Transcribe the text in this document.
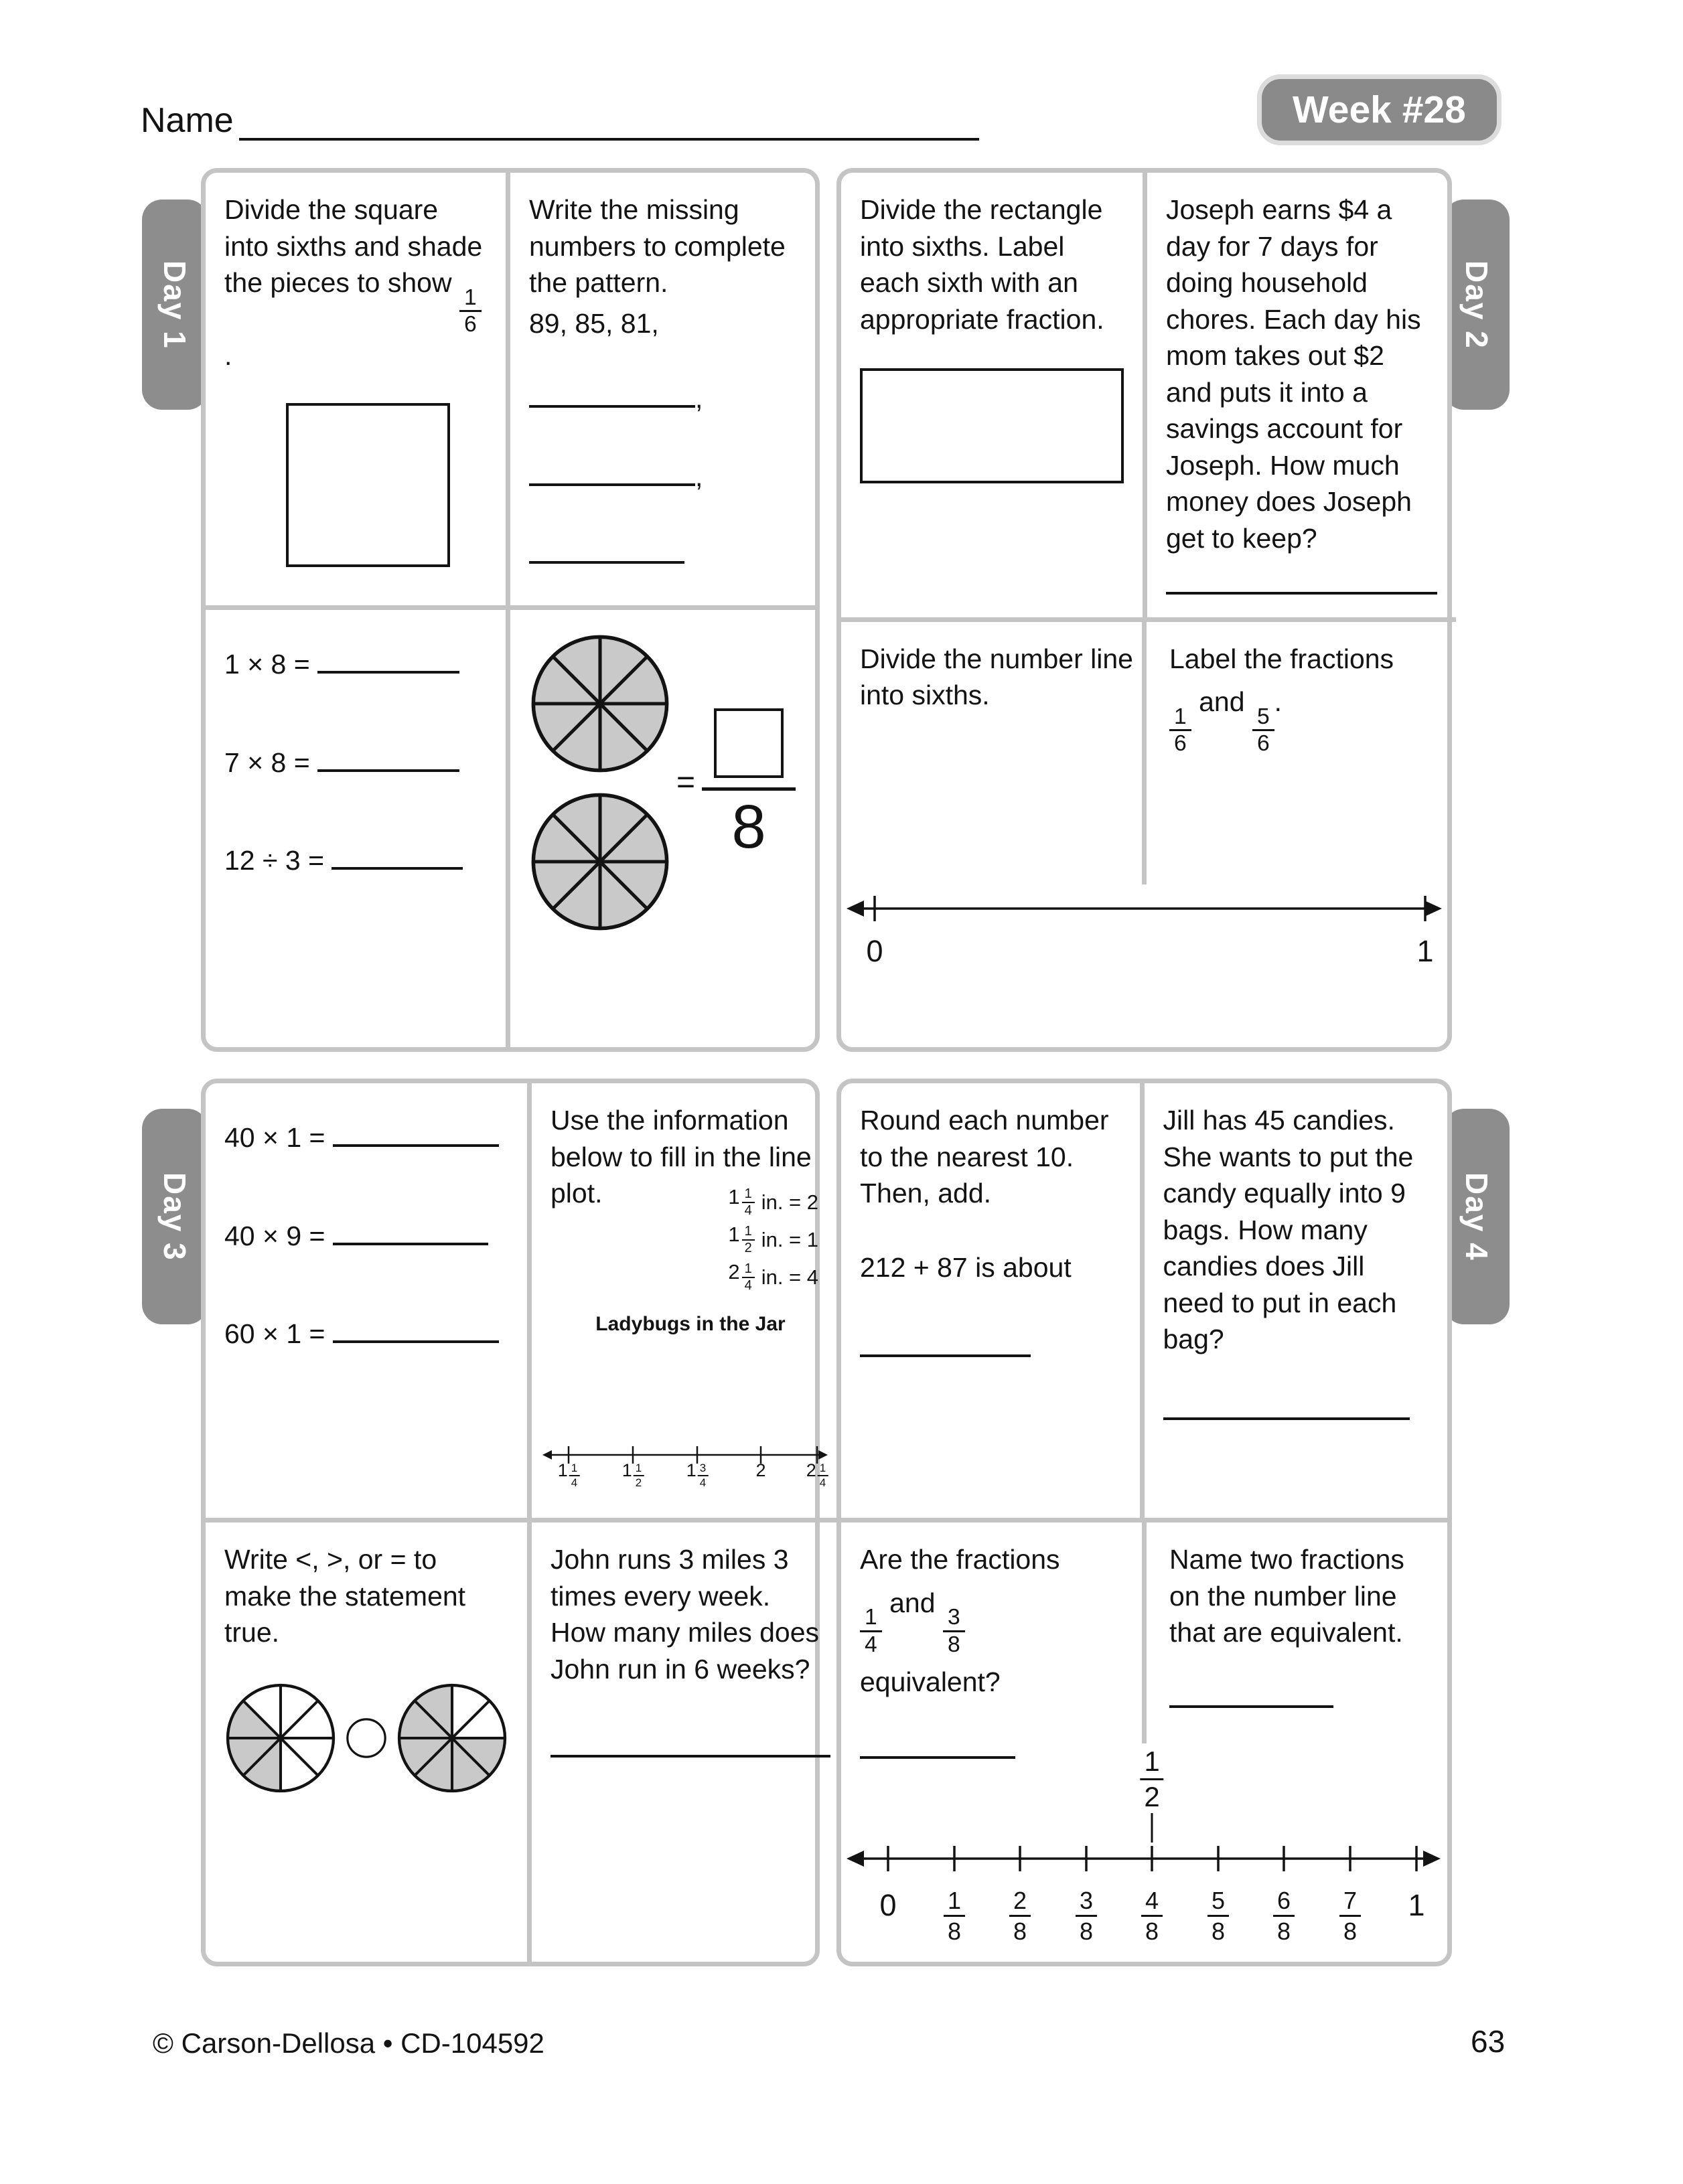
Name	Week #28
Day 1	Day 2
Day 3	Day 4

Divide the square into sixths and shade the pieces to show
$\frac{1}{6}$
.

Write the missing numbers to complete the pattern.

89, 85, 81,

,
,

1 × 8 =

7 × 8 =

12 ÷ 3 =

=
8

Divide the rectangle into sixths. Label each sixth with an appropriate fraction.

Joseph earns $4 a day for 7 days for doing household chores. Each day his mom takes out $2 and puts it into a savings account for Joseph. How much money does Joseph get to keep?

Divide the number line into sixths.

Label the fractions

$\frac{1}{6}$
and
$\frac{5}{6}$
.

0	1

40 × 1 =

40 × 9 =

60 × 1 =

Use the information below to fill in the line plot.	1 1
4 in. = 2
1 1
2 in. = 1
2 1
4 in. = 4

Ladybugs in the Jar

1 1
4
1 1
2
1 3
4
2 2 1
4

Write <, >, or = to make the statement true.

John runs 3 miles 3 times every week. How many miles does John run in 6 weeks?

Round each number to the nearest 10. Then, add.

212 + 87 is about

Jill has 45 candies. She wants to put the candy equally into 9 bags. How many candies does Jill need to put in each bag?

Are the fractions

$\frac{1}{4}$
and
$\frac{3}{8}$

equivalent?

Name two fractions on the number line that are equivalent.

$\frac{1}{2}$
$0 \frac{1}{8} \frac{2}{8} \frac{3}{8} \frac{4}{8} \frac{5}{8} \frac{6}{8} \frac{7}{8} 1$
© Carson-Dellosa • CD-104592	63
